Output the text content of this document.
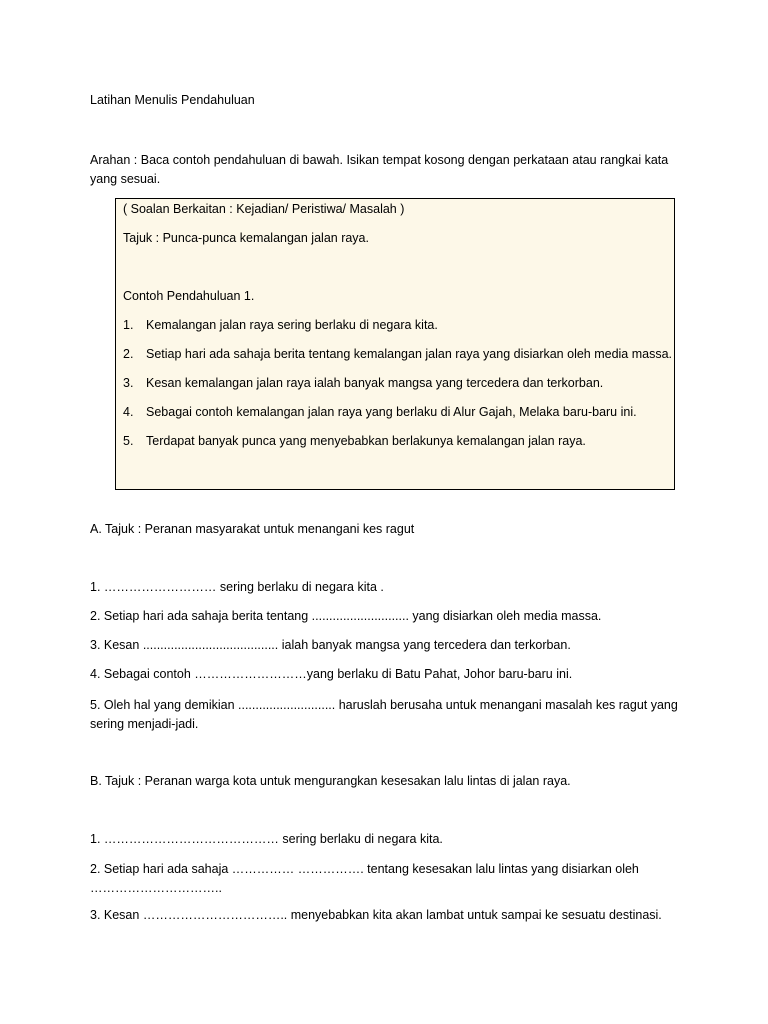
Latihan Menulis Pendahuluan
Arahan : Baca contoh pendahuluan di bawah. Isikan tempat kosong dengan perkataan atau rangkai kata yang sesuai.
( Soalan Berkaitan : Kejadian/ Peristiwa/ Masalah )
Tajuk : Punca-punca kemalangan jalan raya.
Contoh Pendahuluan 1.
1. Kemalangan jalan raya sering berlaku di negara kita.
2. Setiap hari ada sahaja berita tentang kemalangan jalan raya yang disiarkan oleh media massa.
3. Kesan kemalangan jalan raya ialah banyak mangsa yang tercedera dan terkorban.
4. Sebagai contoh kemalangan jalan raya yang berlaku di Alur Gajah, Melaka baru-baru ini.
5. Terdapat banyak punca yang menyebabkan berlakunya kemalangan jalan raya.
A. Tajuk : Peranan masyarakat untuk menangani kes ragut
1. ……………………… sering berlaku di negara kita .
2. Setiap hari ada sahaja berita tentang ............................ yang disiarkan oleh media massa.
3. Kesan ....................................... ialah banyak mangsa yang tercedera dan terkorban.
4. Sebagai contoh ………………………yang berlaku di Batu Pahat, Johor baru-baru ini.
5. Oleh hal yang demikian ............................ haruslah berusaha untuk menangani masalah kes ragut yang sering menjadi-jadi.
B. Tajuk : Peranan warga kota untuk mengurangkan kesesakan lalu lintas di jalan raya.
1. …………………………………… sering berlaku di negara kita.
2. Setiap hari ada sahaja …………… ……………. tentang kesesakan lalu lintas yang disiarkan oleh …………………………..
3. Kesan …………………………….. menyebabkan kita akan lambat untuk sampai ke sesuatu destinasi.
